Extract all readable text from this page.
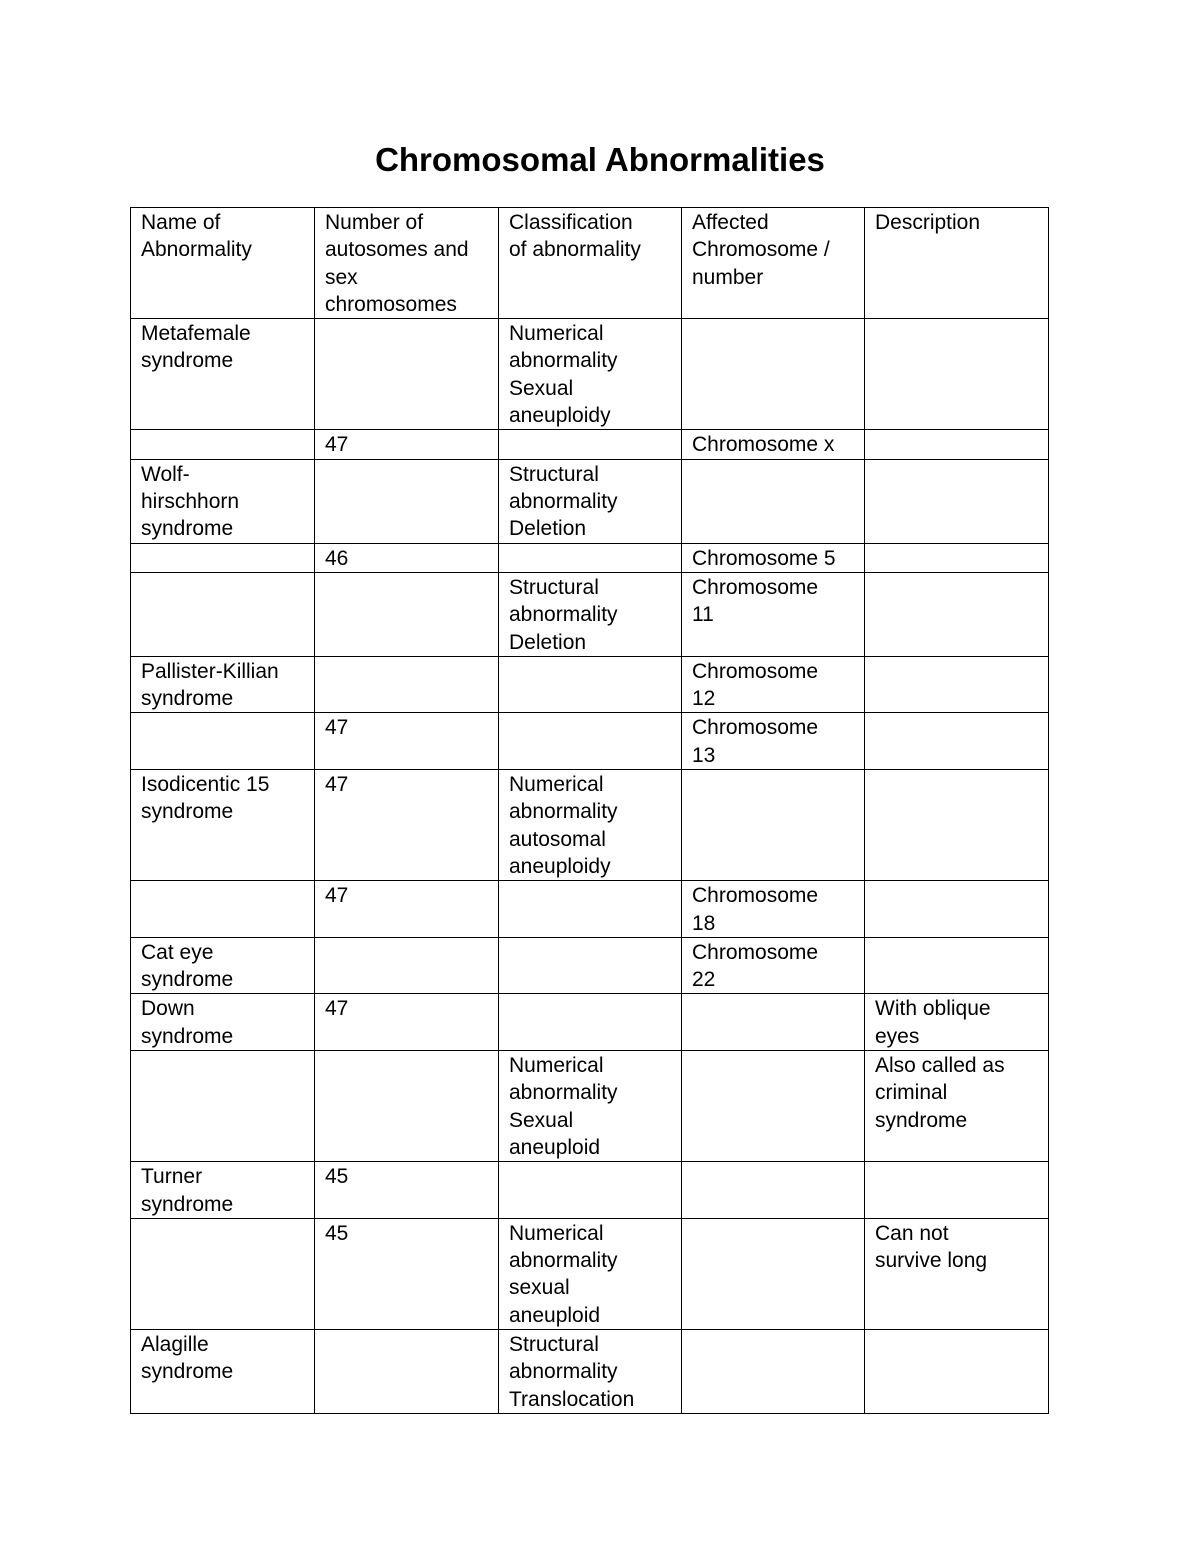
Chromosomal Abnormalities
Name of
Abnormality	Number of
autosomes and
sex
chromosomes	Classification
of abnormality	Affected
Chromosome /
number	Description
Metafemale
syndrome		Numerical
abnormality
Sexual
aneuploidy		
	47		Chromosome x	
Wolf-
hirschhorn
syndrome		Structural
abnormality
Deletion		
	46		Chromosome 5	
		Structural
abnormality
Deletion	Chromosome
11	
Pallister-Killian
syndrome			Chromosome
12	
	47		Chromosome
13	
Isodicentic 15
syndrome	47	Numerical
abnormality
autosomal
aneuploidy		
	47		Chromosome
18	
Cat eye
syndrome			Chromosome
22	
Down
syndrome	47			With oblique
eyes
		Numerical
abnormality
Sexual
aneuploid		Also called as
criminal
syndrome
Turner
syndrome	45			
	45	Numerical
abnormality
sexual
aneuploid		Can not
survive long
Alagille
syndrome		Structural
abnormality
Translocation		
